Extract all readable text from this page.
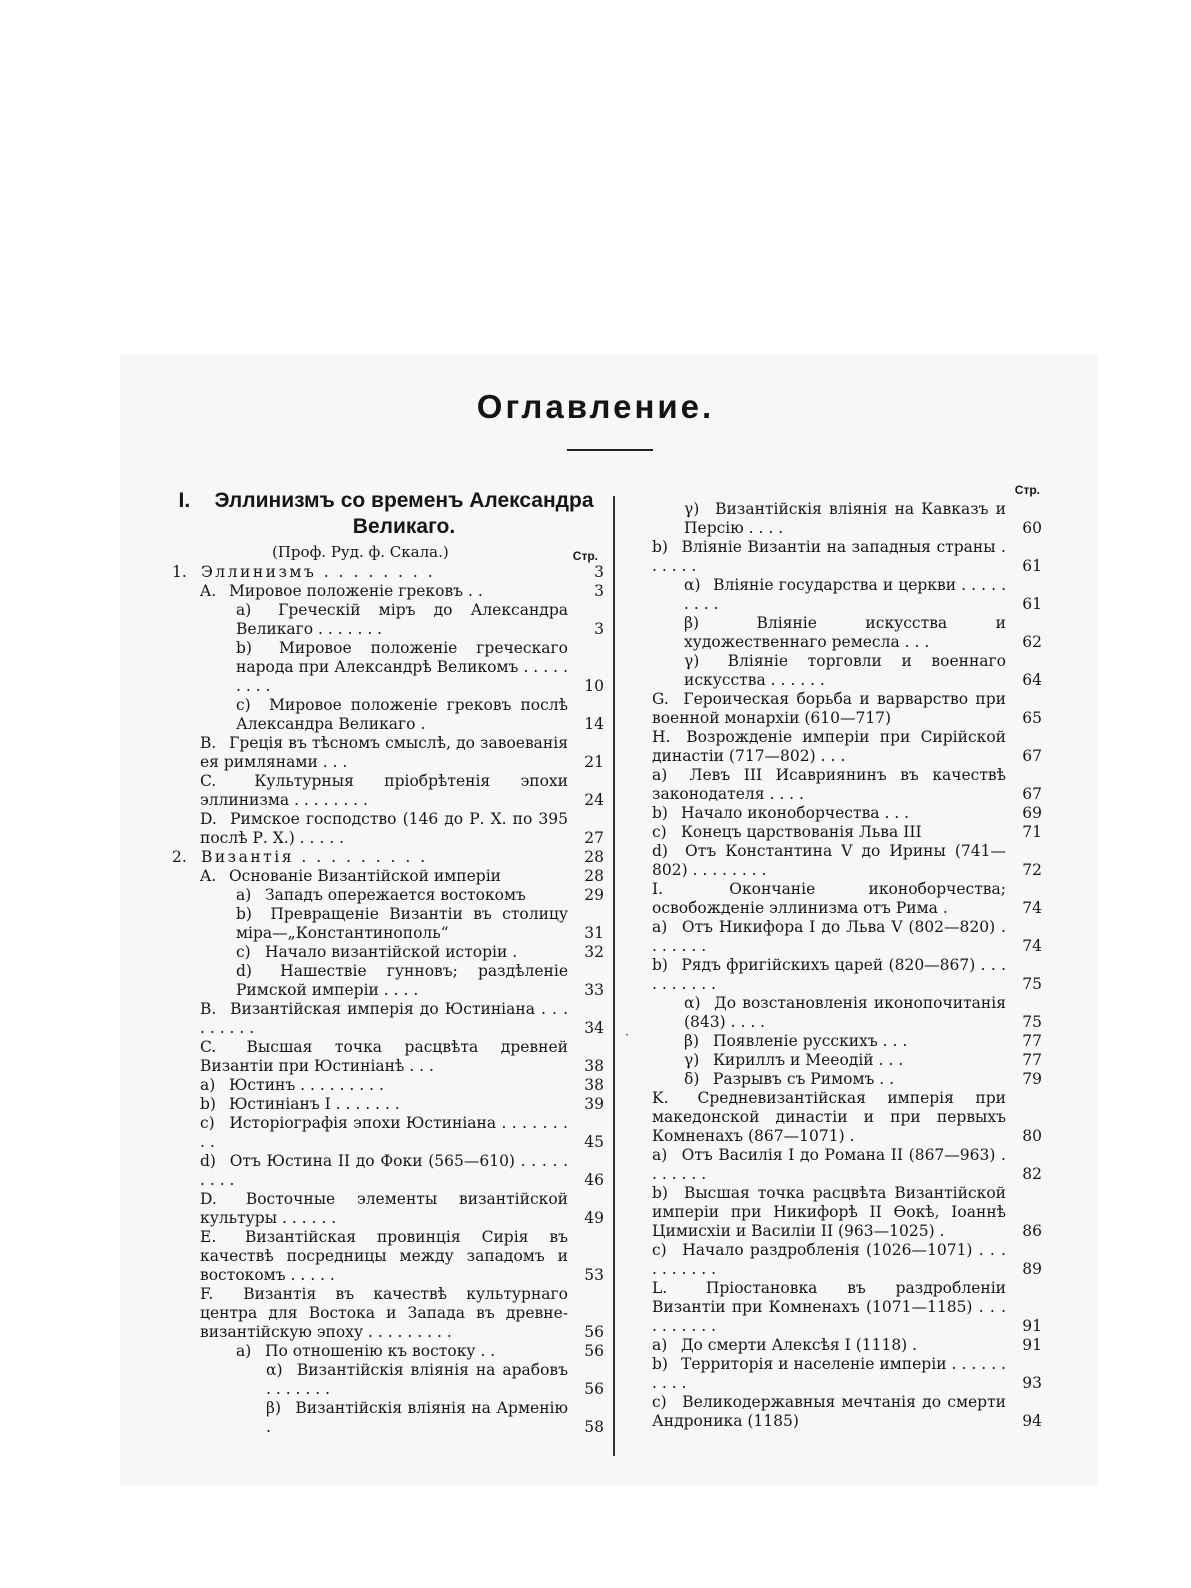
Оглавление.
·
I. Эллинизмъ со временъ Александра Великаго.
(Проф. Руд. ф. Скала.)	Стр.
1. Эллинизмъ . . . . . . . .	3
A. Мировое положеніе грековъ . .	3
a) Греческій міръ до Александра Великаго . . . . . . .	3
b) Мировое положеніе греческаго народа при Александрѣ Великомъ . . . . . . . . .	10
c) Мировое положеніе грековъ послѣ Александра Великаго .	14
B. Греція въ тѣсномъ смыслѣ, до завоеванія ея римлянами . . .	21
C. Культурныя пріобрѣтенія эпохи эллинизма . . . . . . . .	24
D. Римское господство (146 до Р. Х. по 395 послѣ Р. Х.) . . . . .	27
2. Византія . . . . . . . . .	28
A. Основаніе Византійской имперіи	28
a) Западъ опережается востокомъ	29
b) Превращеніе Византіи въ столицу міра—„Константинополь“	31
c) Начало византійской исторіи .	32
d) Нашествіе гунновъ; раздѣленіе Римской имперіи . . . .	33
B. Византійская имперія до Юстиніана . . . . . . . . .	34
C. Высшая точка расцвѣта древней Византіи при Юстиніанѣ . . .	38
a) Юстинъ . . . . . . . . .	38
b) Юстиніанъ I . . . . . . .	39
c) Исторіографія эпохи Юстиніана . . . . . . . . .	45
d) Отъ Юстина II до Фоки (565—610) . . . . . . . . .	46
D. Восточные элементы византійской культуры . . . . . .	49
E. Византійская провинція Сирія въ качествѣ посредницы между западомъ и востокомъ . . . . .	53
F. Византія въ качествѣ культурнаго центра для Востока и Запада въ древне-византійскую эпоху . . . . . . . . .	56
a) По отношенію къ востоку . .	56
α) Византійскія вліянія на арабовъ . . . . . . .	56
β) Византійскія вліянія на Арменію .	58
Стр.
γ) Византійскія вліянія на Кавказъ и Персію . . . .	60
b) Вліяніе Византіи на западныя страны . . . . . .	61
α) Вліяніе государства и церкви . . . . . . . . .	61
β)	Вліяніе искусства и художественнаго ремесла . . .	62
γ) Вліяніе торговли и военнаго искусства . . . . . .	64
G. Героическая борьба и варварство при военной монархіи (610—717)	65
H. Возрожденіе имперіи при Сирійской династіи (717—802) . . .	67
a) Левъ III Исавриянинъ въ качествѣ законодателя . . . .	67
b) Начало иконоборчества . . .	69
c) Конецъ царствованія Льва III	71
d) Отъ Константина V до Ирины (741—802) . . . . . . . .	72
I.	Окончаніе иконоборчества; освобожденіе эллинизма отъ Рима .	74
a) Отъ Никифора I до Льва V (802—820) . . . . . . .	74
b) Рядъ фригійскихъ царей (820—867) . . . . . . . . . .	75
α) До возстановленія иконопочитанія (843) . . . .	75
β) Появленіе русскихъ . . .	77
γ) Кириллъ и Мееодій . . .	77
δ) Разрывъ съ Римомъ . .	79
K. Средневизантійская имперія при македонской династіи и при первыхъ Комненахъ (867—1071) .	80
a) Отъ Василія I до Романа II (867—963) . . . . . . .	82
b) Высшая точка расцвѣта Византійской имперіи при Никифорѣ II Ѳокѣ, Іоаннѣ Цимисхіи и Василіи II (963—1025) .	86
c) Начало раздробленія (1026—1071) . . . . . . . . . .	89
L. Пріостановка въ раздробленіи Византіи при Комненахъ (1071—1185) . . . . . . . . . .	91
a) До смерти Алексѣя I (1118) .	91
b) Территорія и населеніе имперіи . . . . . . . . . .	93
c) Великодержавныя мечтанія до смерти Андроника (1185)	94
